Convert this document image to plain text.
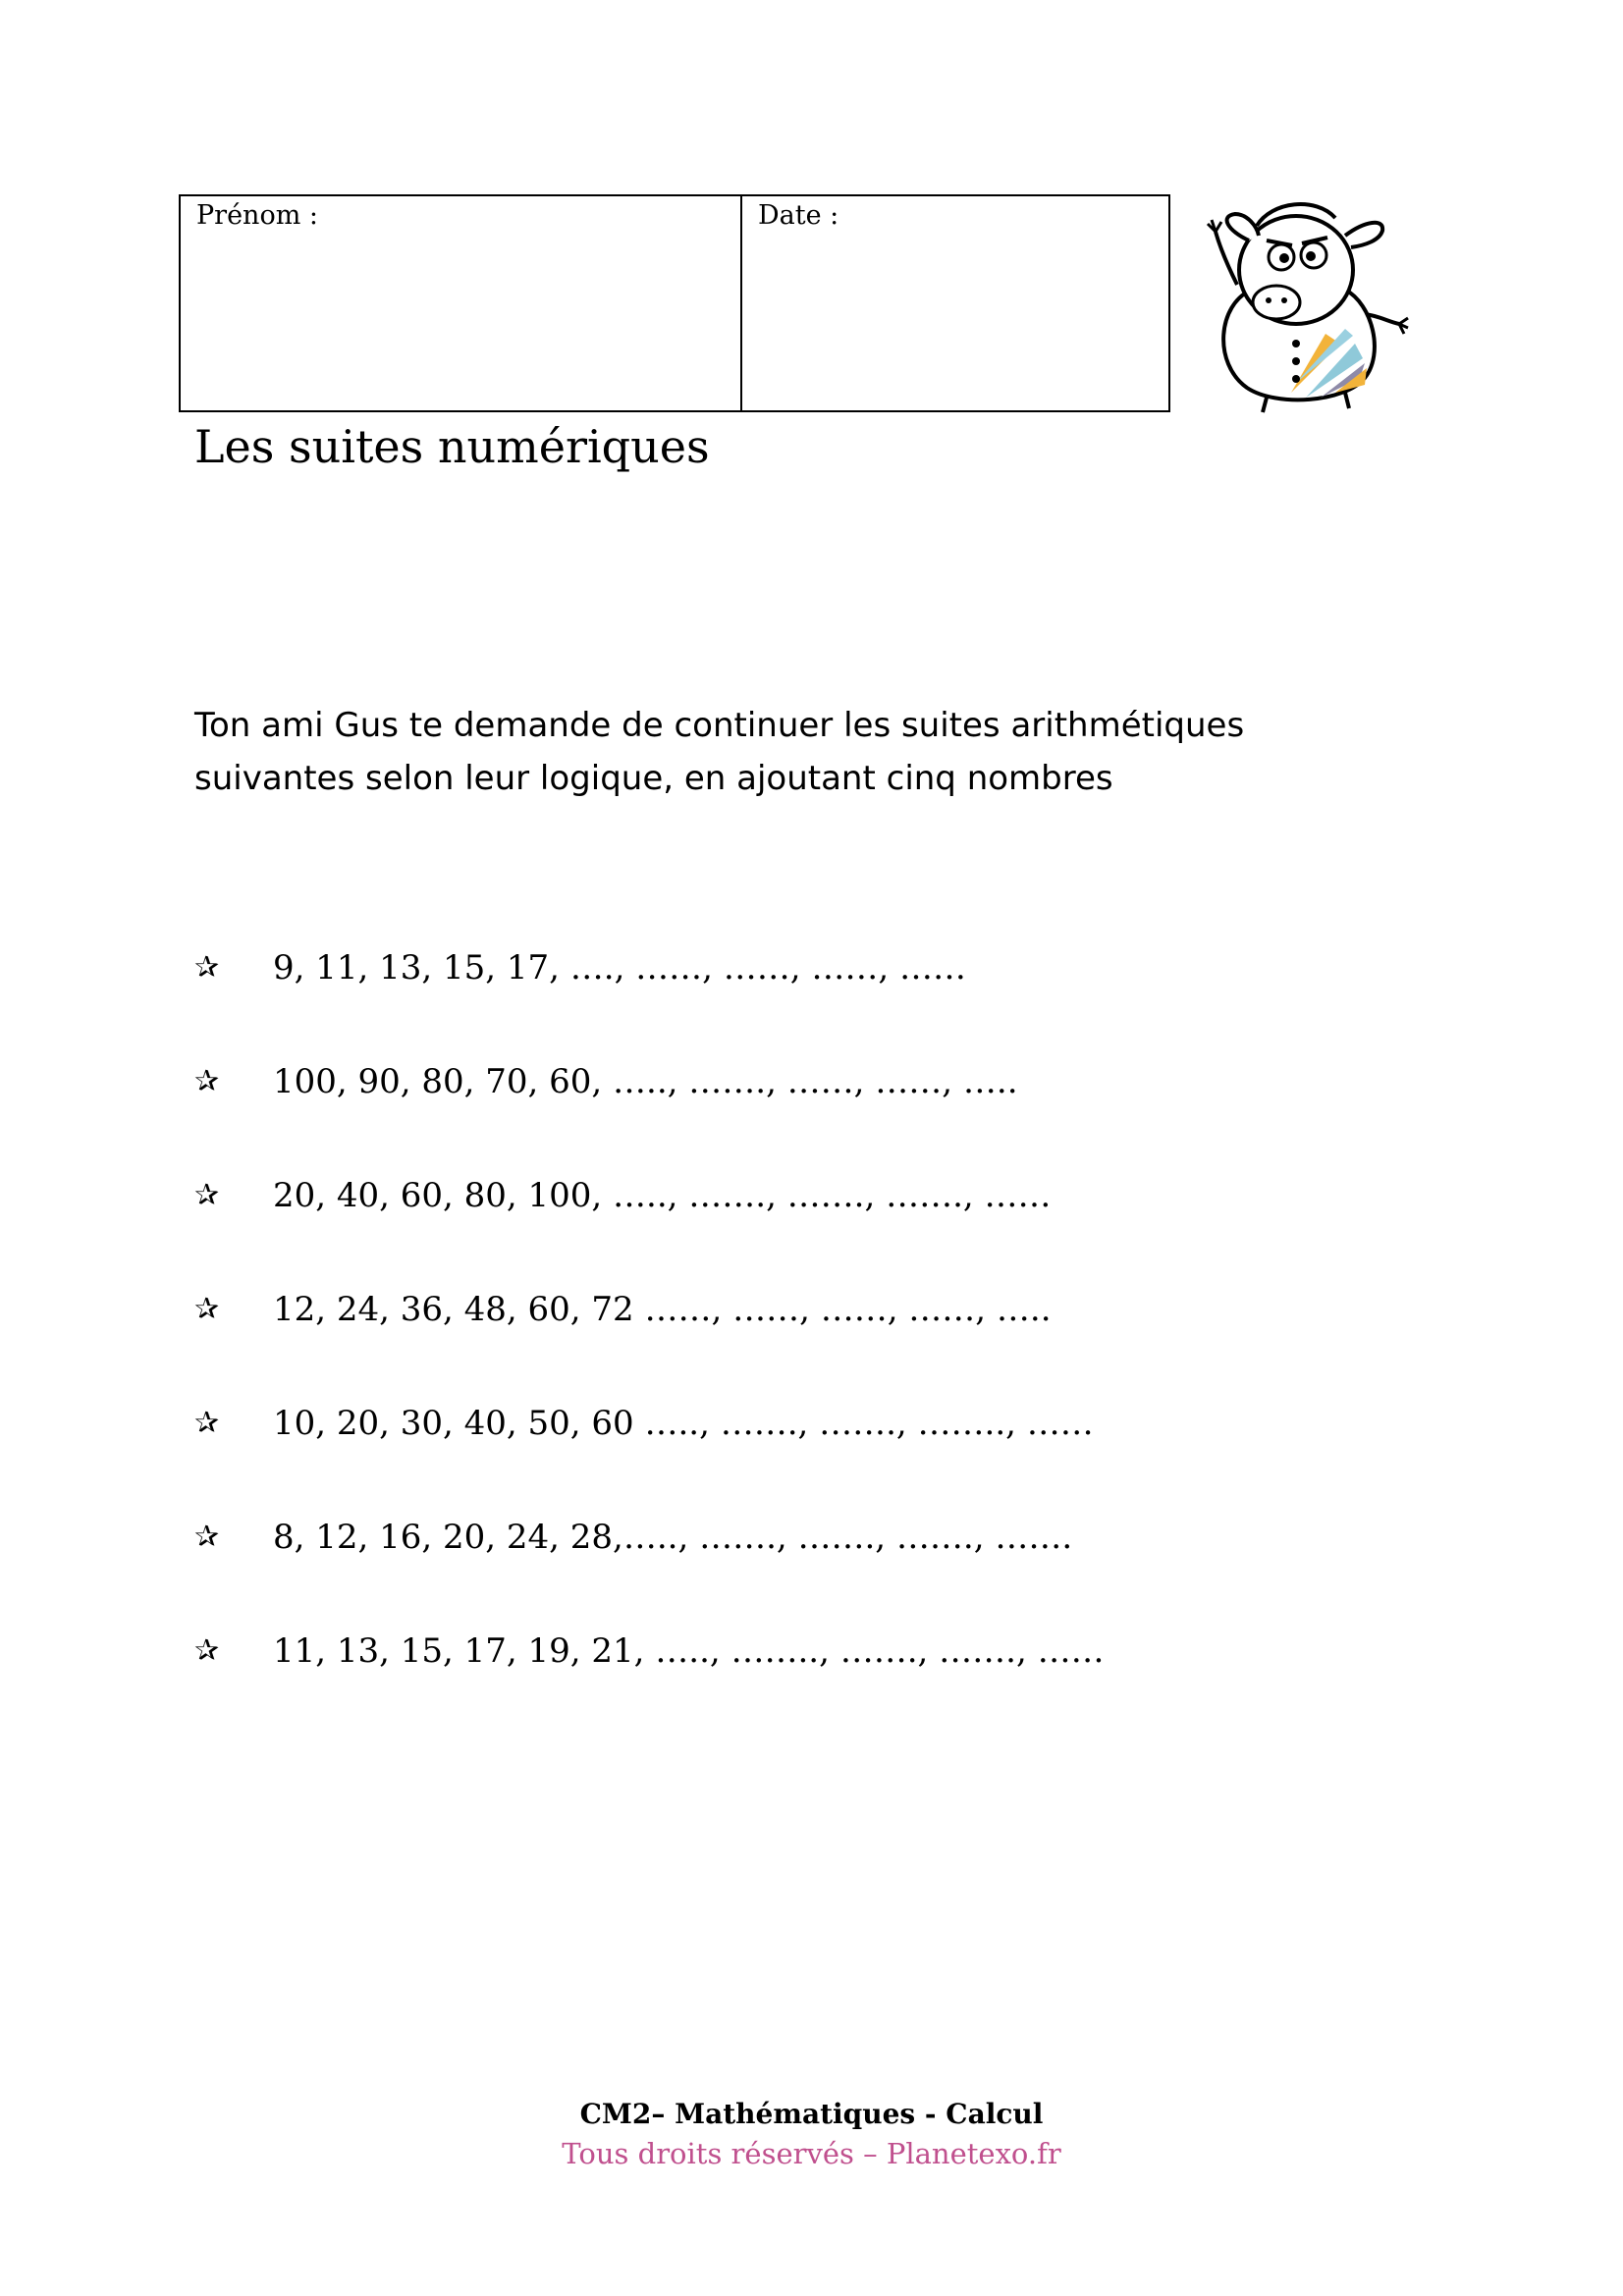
Prénom :	Date :
Les suites numériques
Ton ami Gus te demande de continuer les suites arithmétiques
suivantes selon leur logique, en ajoutant cinq nombres
✰	9, 11, 13, 15, 17, …., ……, ……, ……, ……
✰	100, 90, 80, 70, 60, ….., ……., ……, ……, …..
✰	20, 40, 60, 80, 100, ….., ……., ……., ……., ……
✰	12, 24, 36, 48, 60, 72 ……, ……, ……, ……, …..
✰	10, 20, 30, 40, 50, 60 ….., ……., ……., …….., ……
✰	8, 12, 16, 20, 24, 28,….., ……., ……., ……., …….
✰	11, 13, 15, 17, 19, 21, ….., …….., ……., ……., ……
CM2– Mathématiques - Calcul
Tous droits réservés – Planetexo.fr
